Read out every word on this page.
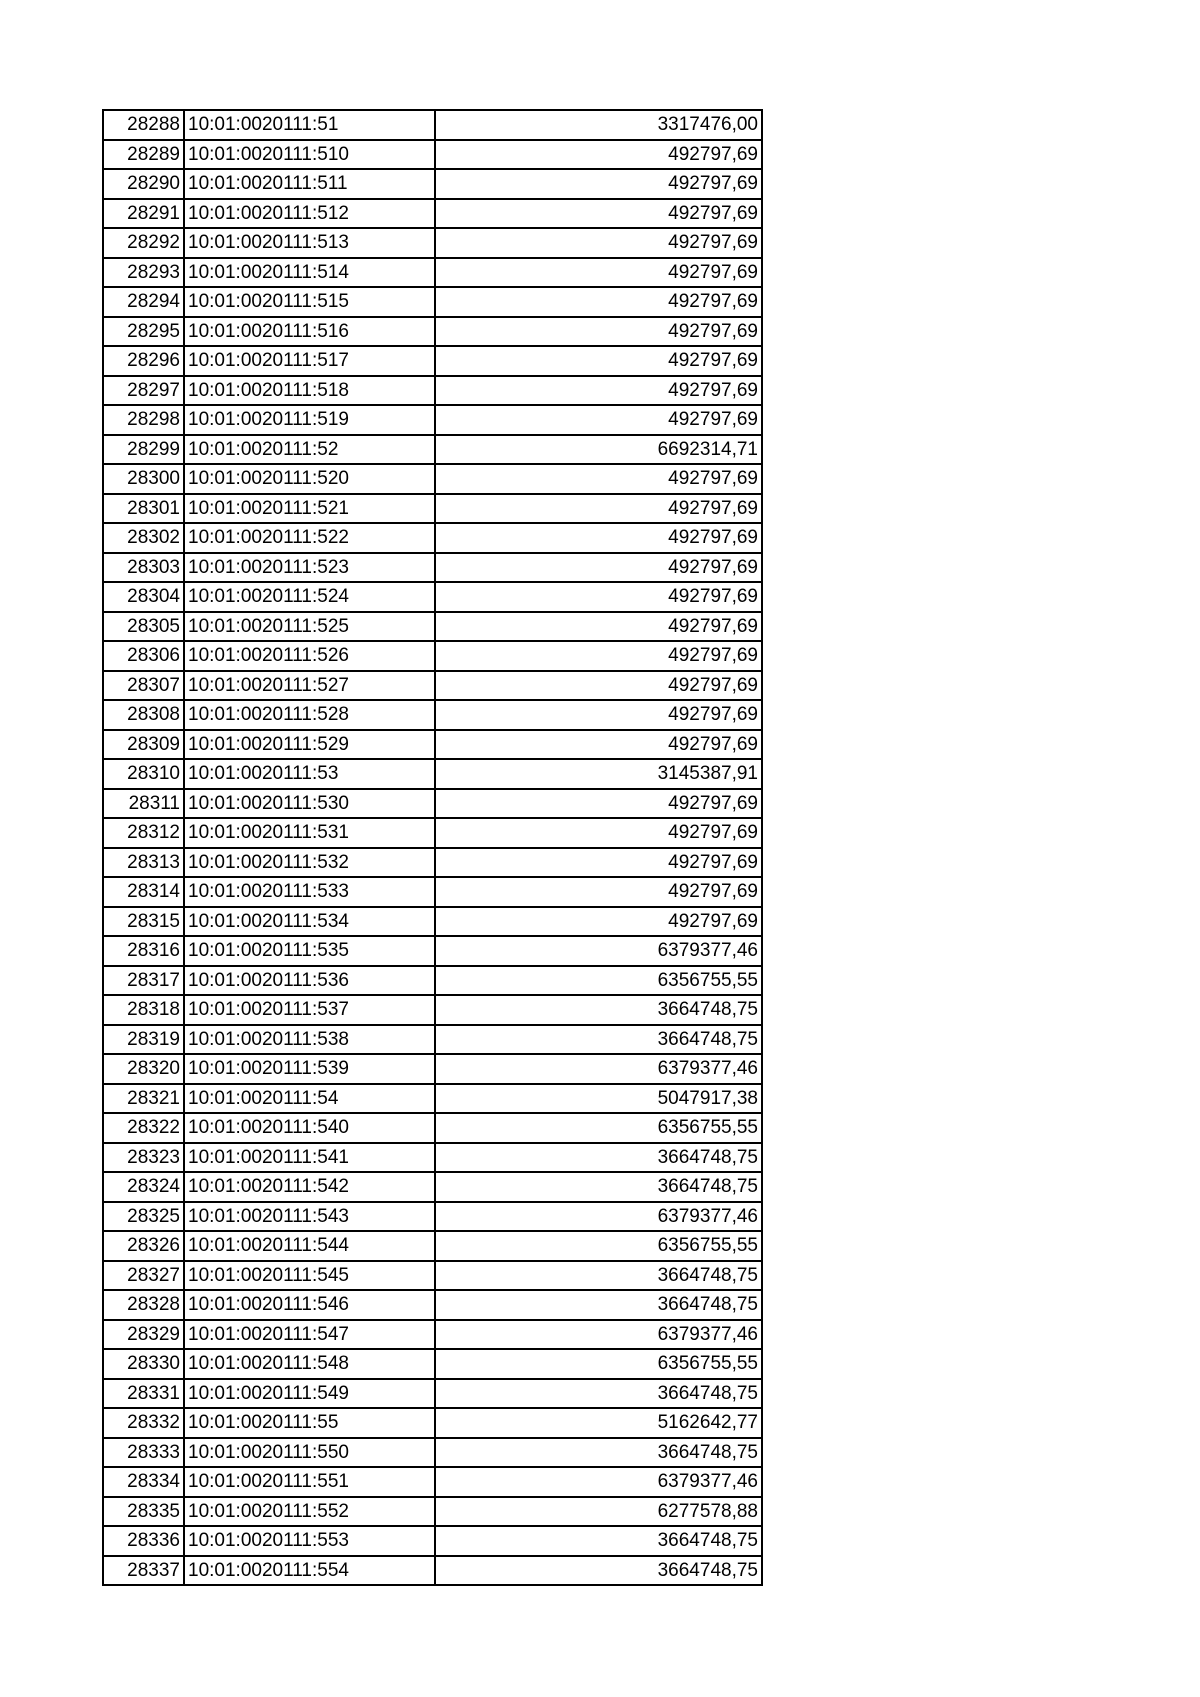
28288	10:01:0020111:51	3317476,00
28289	10:01:0020111:510	492797,69
28290	10:01:0020111:511	492797,69
28291	10:01:0020111:512	492797,69
28292	10:01:0020111:513	492797,69
28293	10:01:0020111:514	492797,69
28294	10:01:0020111:515	492797,69
28295	10:01:0020111:516	492797,69
28296	10:01:0020111:517	492797,69
28297	10:01:0020111:518	492797,69
28298	10:01:0020111:519	492797,69
28299	10:01:0020111:52	6692314,71
28300	10:01:0020111:520	492797,69
28301	10:01:0020111:521	492797,69
28302	10:01:0020111:522	492797,69
28303	10:01:0020111:523	492797,69
28304	10:01:0020111:524	492797,69
28305	10:01:0020111:525	492797,69
28306	10:01:0020111:526	492797,69
28307	10:01:0020111:527	492797,69
28308	10:01:0020111:528	492797,69
28309	10:01:0020111:529	492797,69
28310	10:01:0020111:53	3145387,91
28311	10:01:0020111:530	492797,69
28312	10:01:0020111:531	492797,69
28313	10:01:0020111:532	492797,69
28314	10:01:0020111:533	492797,69
28315	10:01:0020111:534	492797,69
28316	10:01:0020111:535	6379377,46
28317	10:01:0020111:536	6356755,55
28318	10:01:0020111:537	3664748,75
28319	10:01:0020111:538	3664748,75
28320	10:01:0020111:539	6379377,46
28321	10:01:0020111:54	5047917,38
28322	10:01:0020111:540	6356755,55
28323	10:01:0020111:541	3664748,75
28324	10:01:0020111:542	3664748,75
28325	10:01:0020111:543	6379377,46
28326	10:01:0020111:544	6356755,55
28327	10:01:0020111:545	3664748,75
28328	10:01:0020111:546	3664748,75
28329	10:01:0020111:547	6379377,46
28330	10:01:0020111:548	6356755,55
28331	10:01:0020111:549	3664748,75
28332	10:01:0020111:55	5162642,77
28333	10:01:0020111:550	3664748,75
28334	10:01:0020111:551	6379377,46
28335	10:01:0020111:552	6277578,88
28336	10:01:0020111:553	3664748,75
28337	10:01:0020111:554	3664748,75
